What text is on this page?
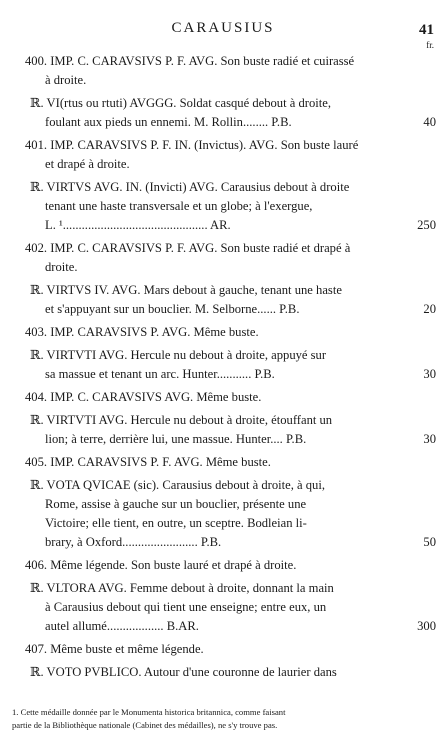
CARAUSIUS	41
fr.
400. IMP. C. CARAVSIVS P. F. AVG. Son buste radié et cuirassé
à droite.
ℝ. VI(rtus ou rtuti) AVGGG. Soldat casqué debout à droite,
foulant aux pieds un ennemi. M. Rollin........ P.B.	40
401. IMP. CARAVSIVS P. F. IN. (Invictus). AVG. Son buste lauré
et drapé à droite.
ℝ. VIRTVS AVG. IN. (Invicti) AVG. Carausius debout à droite
tenant une haste transversale et un globe; à l'exergue,
L. ¹.............................................. AR.	250
402. IMP. C. CARAVSIVS P. F. AVG. Son buste radié et drapé à
droite.
ℝ. VIRTVS IV. AVG. Mars debout à gauche, tenant une haste
et s'appuyant sur un bouclier. M. Selborne...... P.B.	20
403. IMP. CARAVSIVS P. AVG. Même buste.
ℝ. VIRTVTI AVG. Hercule nu debout à droite, appuyé sur
sa massue et tenant un arc. Hunter........... P.B.	30
404. IMP. C. CARAVSIVS AVG. Même buste.
ℝ. VIRTVTI AVG. Hercule nu debout à droite, étouffant un
lion; à terre, derrière lui, une massue. Hunter.... P.B.	30
405. IMP. CARAVSIVS P. F. AVG. Même buste.
ℝ. VOTA QVICAE (sic). Carausius debout à droite, à qui,
Rome, assise à gauche sur un bouclier, présente une
Victoire; elle tient, en outre, un sceptre. Bodleian li-
brary, à Oxford........................ P.B.	50
406. Même légende. Son buste lauré et drapé à droite.
ℝ. VLTORA AVG. Femme debout à droite, donnant la main
à Carausius debout qui tient une enseigne; entre eux, un
autel allumé.................. B.AR.	300
407. Même buste et même légende.
ℝ. VOTO PVBLICO. Autour d'une couronne de laurier dans
1. Cette médaille donnée par le Monumenta historica britannica, comme faisant
partie de la Bibliothèque nationale (Cabinet des médailles), ne s'y trouve pas.
